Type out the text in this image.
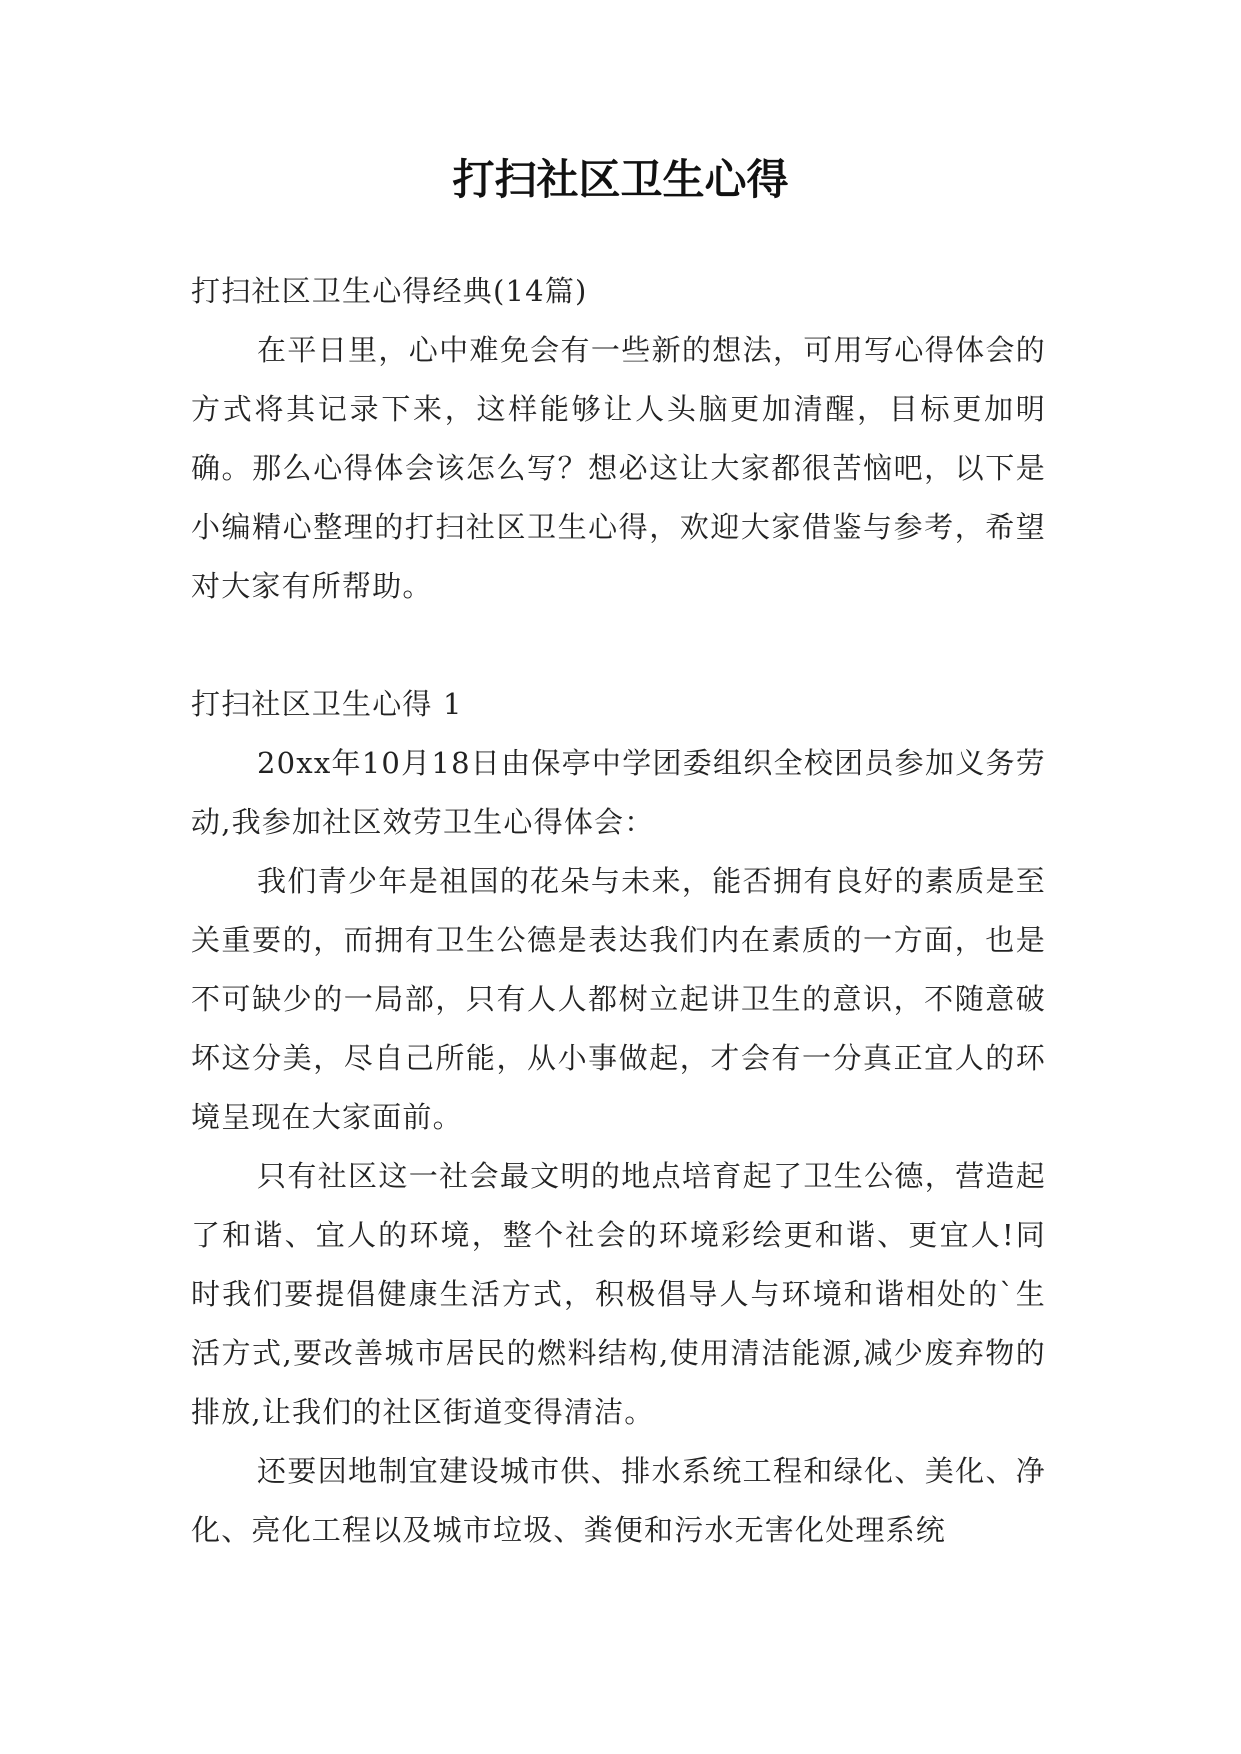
打扫社区卫生心得

打扫社区卫生心得经典(14篇)

在平日里，心中难免会有一些新的想法，可用写心得体会的方式将其记录下来，这样能够让人头脑更加清醒，目标更加明确。那么心得体会该怎么写？想必这让大家都很苦恼吧，以下是小编精心整理的打扫社区卫生心得，欢迎大家借鉴与参考，希望对大家有所帮助。

打扫社区卫生心得 1

20xx年10月18日由保亭中学团委组织全校团员参加义务劳动,我参加社区效劳卫生心得体会：

我们青少年是祖国的花朵与未来，能否拥有良好的素质是至关重要的，而拥有卫生公德是表达我们内在素质的一方面，也是不可缺少的一局部，只有人人都树立起讲卫生的意识，不随意破坏这分美，尽自己所能，从小事做起，才会有一分真正宜人的环境呈现在大家面前。

只有社区这一社会最文明的地点培育起了卫生公德，营造起了和谐、宜人的环境，整个社会的环境彩绘更和谐、更宜人!同时我们要提倡健康生活方式，积极倡导人与环境和谐相处的`生活方式,要改善城市居民的燃料结构,使用清洁能源,减少废弃物的排放,让我们的社区街道变得清洁。

还要因地制宜建设城市供、排水系统工程和绿化、美化、净化、亮化工程以及城市垃圾、粪便和污水无害化处理系统
